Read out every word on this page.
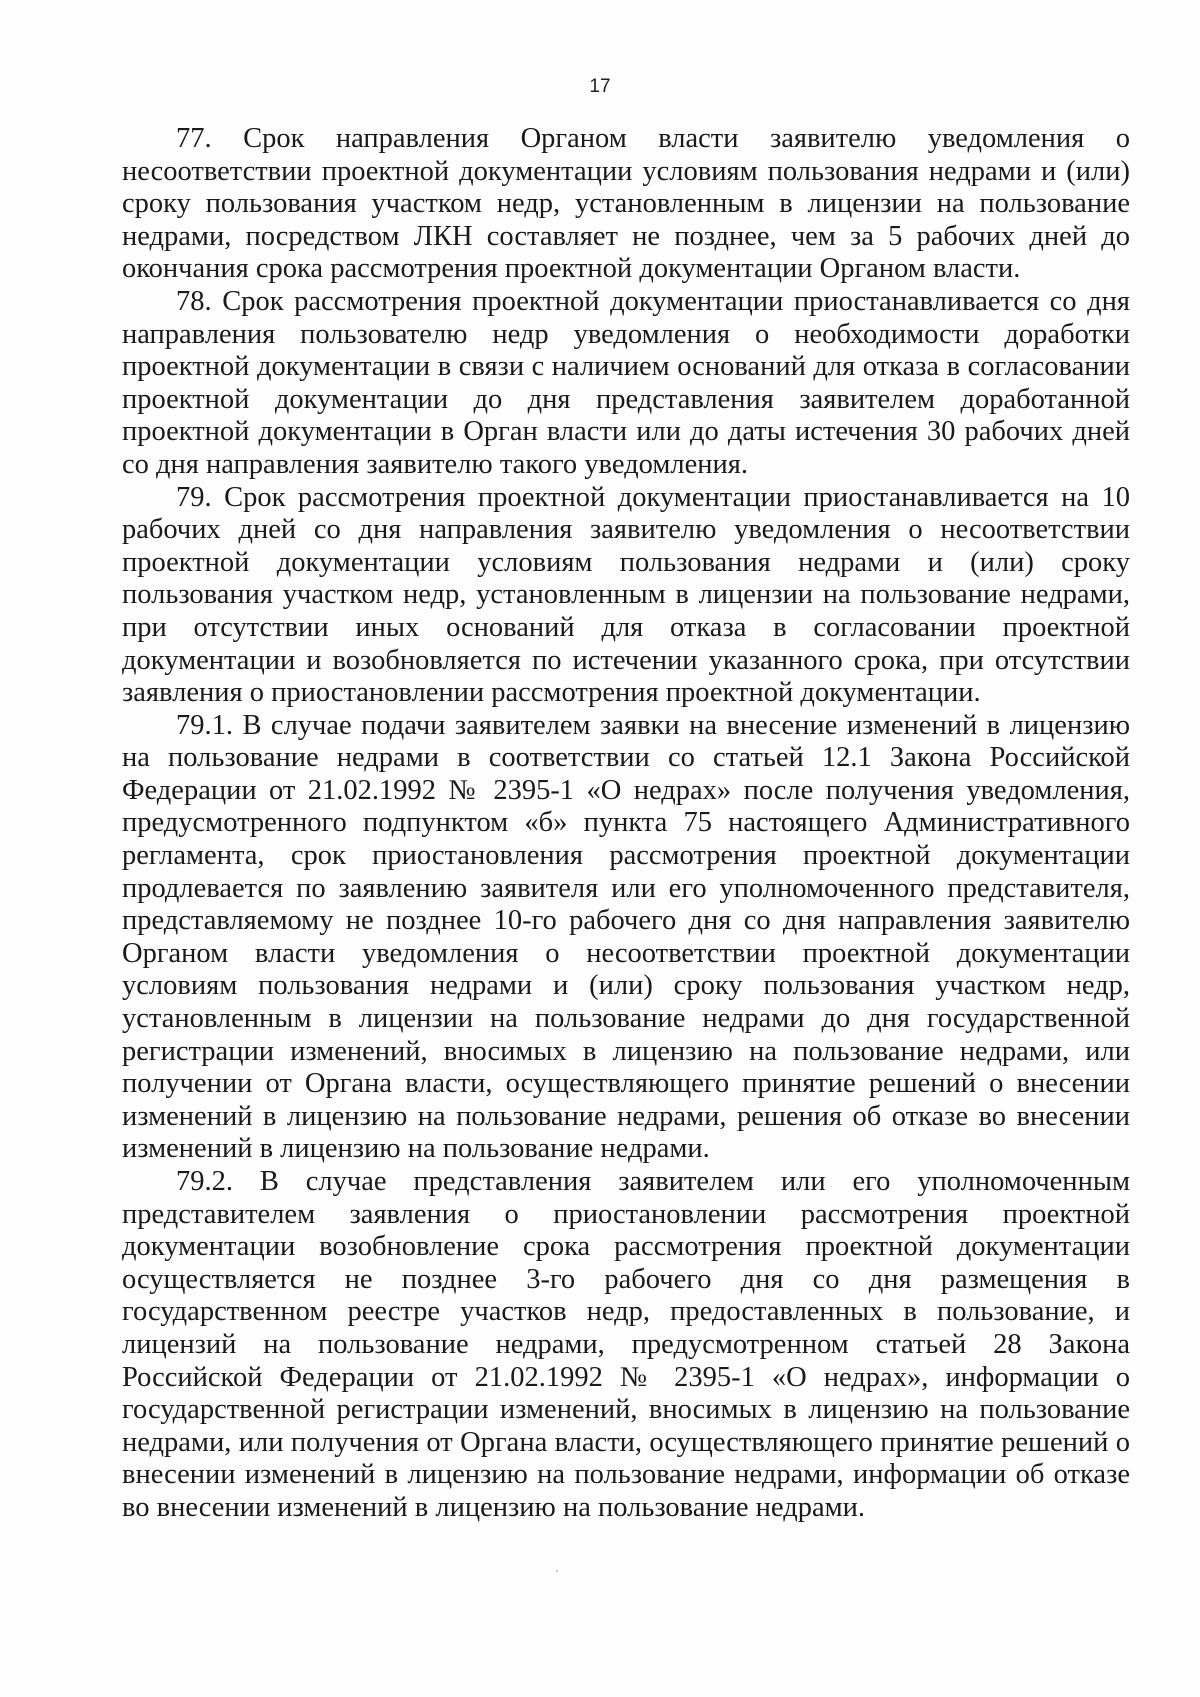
17

77. Срок направления Органом власти заявителю уведомления о несоответствии проектной документации условиям пользования недрами и (или) сроку пользования участком недр, установленным в лицензии на пользование недрами, посредством ЛКН составляет не позднее, чем за 5 рабочих дней до окончания срока рассмотрения проектной документации Органом власти.

78. Срок рассмотрения проектной документации приостанавливается со дня направления пользователю недр уведомления о необходимости доработки проектной документации в связи с наличием оснований для отказа в согласовании проектной документации до дня представления заявителем доработанной проектной документации в Орган власти или до даты истечения 30 рабочих дней со дня направления заявителю такого уведомления.

79. Срок рассмотрения проектной документации приостанавливается на 10 рабочих дней со дня направления заявителю уведомления о несоответствии проектной документации условиям пользования недрами и (или) сроку пользования участком недр, установленным в лицензии на пользование недрами, при отсутствии иных оснований для отказа в согласовании проектной документации и возобновляется по истечении указанного срока, при отсутствии заявления о приостановлении рассмотрения проектной документации.

79.1. В случае подачи заявителем заявки на внесение изменений в лицензию на пользование недрами в соответствии со статьей 12.1 Закона Российской Федерации от 21.02.1992 № 2395-1 «О недрах» после получения уведомления, предусмотренного подпунктом «б» пункта 75 настоящего Административного регламента, срок приостановления рассмотрения проектной документации продлевается по заявлению заявителя или его уполномоченного представителя, представляемому не позднее 10-го рабочего дня со дня направления заявителю Органом власти уведомления о несоответствии проектной документации условиям пользования недрами и (или) сроку пользования участком недр, установленным в лицензии на пользование недрами до дня государственной регистрации изменений, вносимых в лицензию на пользование недрами, или получении от Органа власти, осуществляющего принятие решений о внесении изменений в лицензию на пользование недрами, решения об отказе во внесении изменений в лицензию на пользование недрами.

79.2. В случае представления заявителем или его уполномоченным представителем заявления о приостановлении рассмотрения проектной документации возобновление срока рассмотрения проектной документации осуществляется не позднее 3-го рабочего дня со дня размещения в государственном реестре участков недр, предоставленных в пользование, и лицензий на пользование недрами, предусмотренном статьей 28 Закона Российской Федерации от 21.02.1992 № 2395-1 «О недрах», информации о государственной регистрации изменений, вносимых в лицензию на пользование недрами, или получения от Органа власти, осуществляющего принятие решений о внесении изменений в лицензию на пользование недрами, информации об отказе во внесении изменений в лицензию на пользование недрами.
